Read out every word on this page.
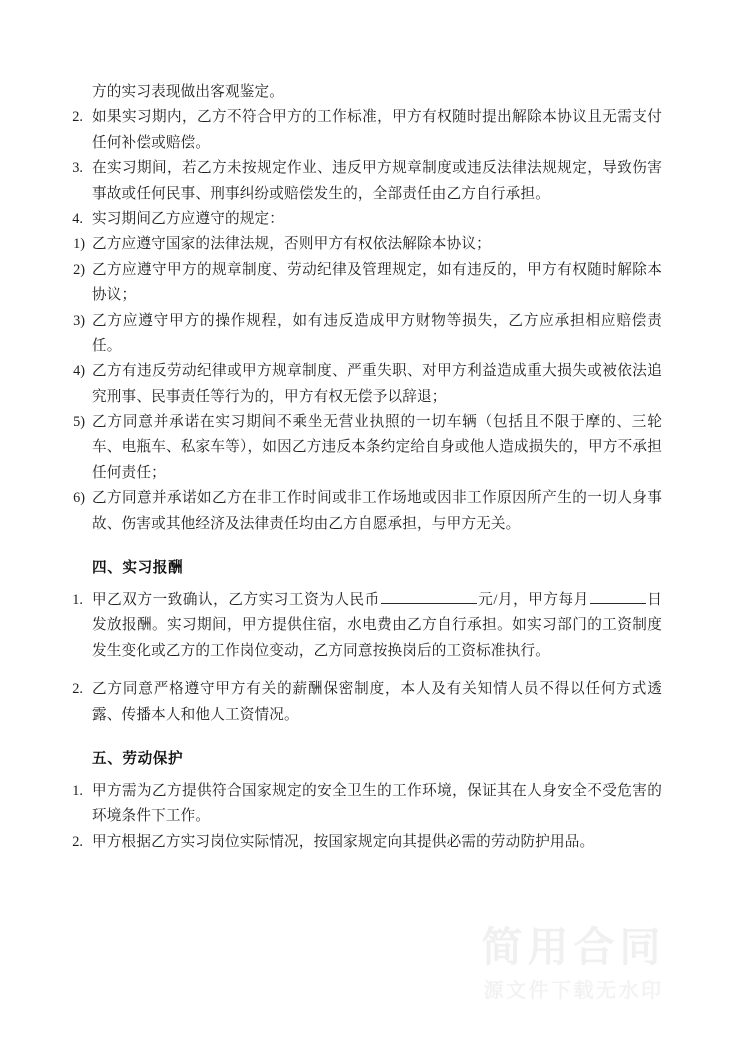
简用合同
源文件下载无水印
方的实习表现做出客观鉴定。
2. 如果实习期内，乙方不符合甲方的工作标准，甲方有权随时提出解除本协议且无需支付任何补偿或赔偿。
3. 在实习期间，若乙方未按规定作业、违反甲方规章制度或违反法律法规规定，导致伤害事故或任何民事、刑事纠纷或赔偿发生的，全部责任由乙方自行承担。
4. 实习期间乙方应遵守的规定：
1) 乙方应遵守国家的法律法规，否则甲方有权依法解除本协议；
2) 乙方应遵守甲方的规章制度、劳动纪律及管理规定，如有违反的，甲方有权随时解除本协议；
3) 乙方应遵守甲方的操作规程，如有违反造成甲方财物等损失，乙方应承担相应赔偿责任。
4) 乙方有违反劳动纪律或甲方规章制度、严重失职、对甲方利益造成重大损失或被依法追究刑事、民事责任等行为的，甲方有权无偿予以辞退；
5) 乙方同意并承诺在实习期间不乘坐无营业执照的一切车辆（包括且不限于摩的、三轮车、电瓶车、私家车等），如因乙方违反本条约定给自身或他人造成损失的，甲方不承担任何责任；
6) 乙方同意并承诺如乙方在非工作时间或非工作场地或因非工作原因所产生的一切人身事故、伤害或其他经济及法律责任均由乙方自愿承担，与甲方无关。
四、实习报酬
1. 甲乙双方一致确认，乙方实习工资为人民币	元/月，甲方每月	日发放报酬。实习期间，甲方提供住宿，水电费由乙方自行承担。如实习部门的工资制度发生变化或乙方的工作岗位变动，乙方同意按换岗后的工资标准执行。
2. 乙方同意严格遵守甲方有关的薪酬保密制度，本人及有关知情人员不得以任何方式透露、传播本人和他人工资情况。
五、劳动保护
1. 甲方需为乙方提供符合国家规定的安全卫生的工作环境，保证其在人身安全不受危害的环境条件下工作。
2. 甲方根据乙方实习岗位实际情况，按国家规定向其提供必需的劳动防护用品。
